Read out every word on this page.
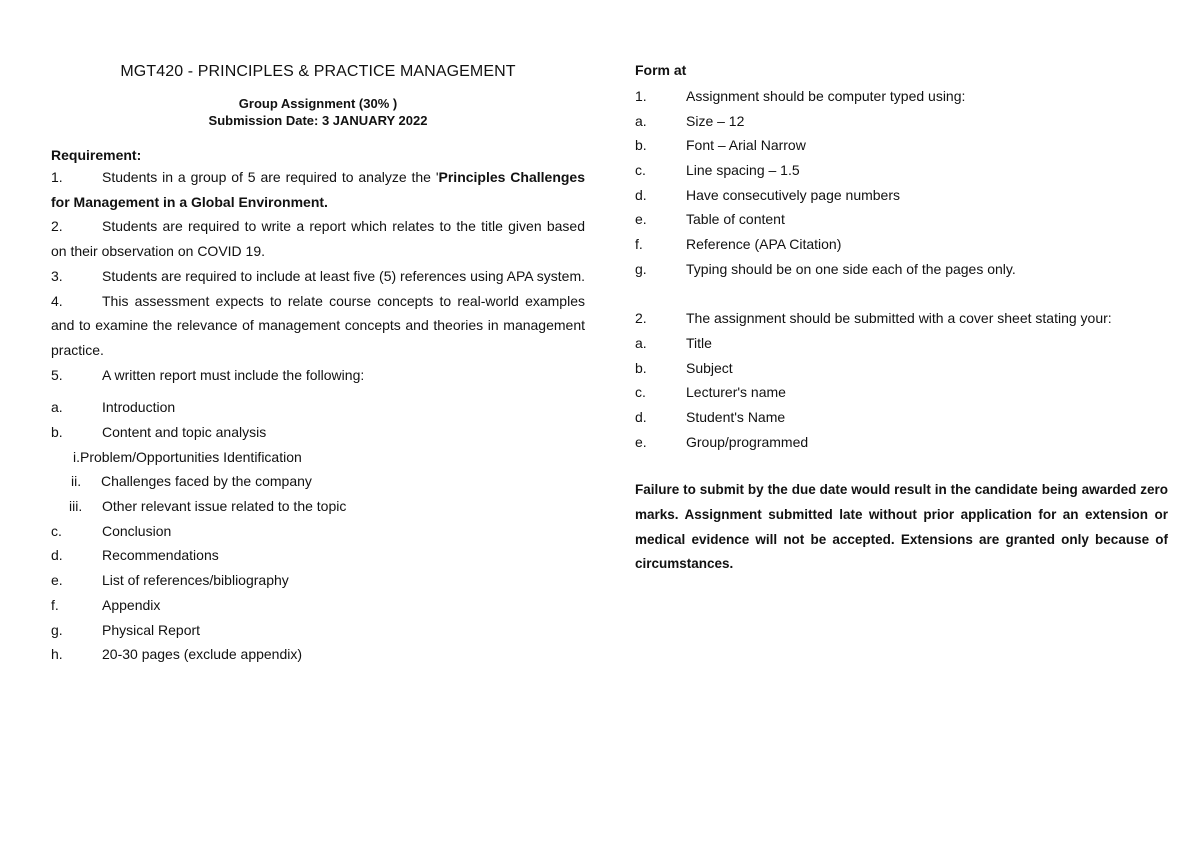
MGT420 - PRINCIPLES & PRACTICE MANAGEMENT
Group Assignment (30% )
Submission Date: 3 JANUARY 2022
Requirement:
1.	Students in a group of 5 are required to analyze the 'Principles Challenges for Management in a Global Environment.
2.	Students are required to write a report which relates to the title given based on their observation on COVID 19.
3.	Students are required to include at least five (5) references using APA system.
4.	This assessment expects to relate course concepts to real-world examples and to examine the relevance of management concepts and theories in management practice.
5.	A written report must include the following:
a.	Introduction
b.	Content and topic analysis
i.Problem/Opportunities Identification
ii. Challenges faced by the company
iii. Other relevant issue related to the topic
c.	Conclusion
d.	Recommendations
e.	List of references/bibliography
f.	Appendix
g.	Physical Report
h.	20-30 pages (exclude appendix)
Form at
1.	Assignment should be computer typed using:
a.	Size – 12
b.	Font – Arial Narrow
c.	Line spacing – 1.5
d.	Have consecutively page numbers
e.	Table of content
f.	Reference (APA Citation)
g.	Typing should be on one side each of the pages only.
2.	The assignment should be submitted with a cover sheet stating your:
a.	Title
b.	Subject
c.	Lecturer's name
d.	Student's Name
e.	Group/programmed
Failure to submit by the due date would result in the candidate being awarded zero marks. Assignment submitted late without prior application for an extension or medical evidence will not be accepted. Extensions are granted only because of circumstances.
